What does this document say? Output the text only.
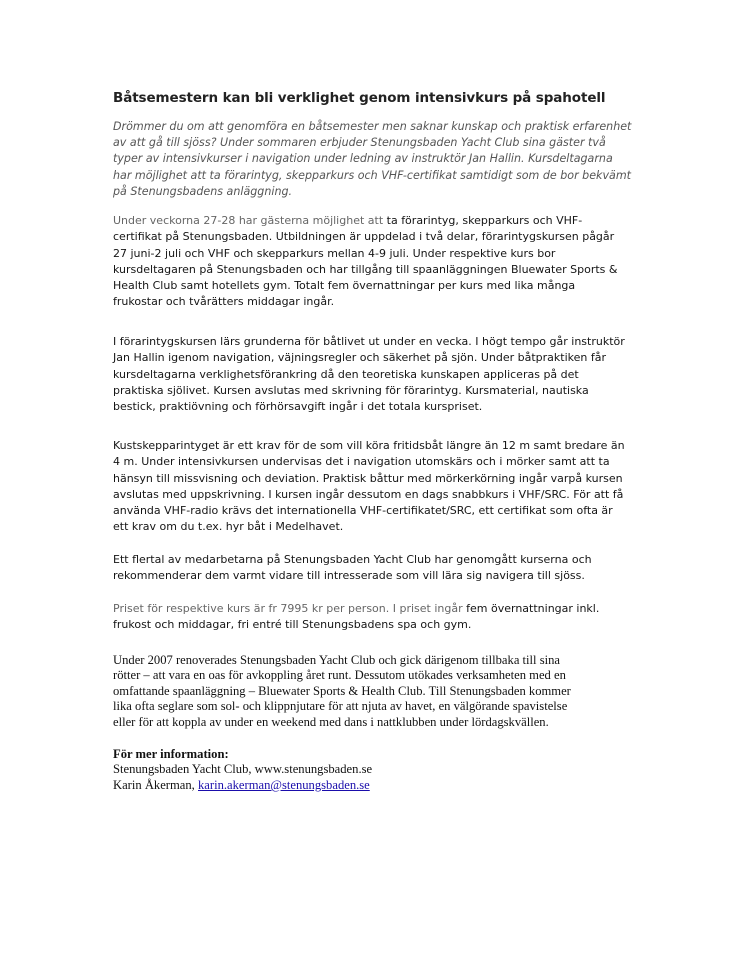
Båtsemestern kan bli verklighet genom intensivkurs på spahotell
Drömmer du om att genomföra en båtsemester men saknar kunskap och praktisk erfarenhet
av att gå till sjöss? Under sommaren erbjuder Stenungsbaden Yacht Club sina gäster två
typer av intensivkurser i navigation under ledning av instruktör Jan Hallin. Kursdeltagarna
har möjlighet att ta förarintyg, skepparkurs och VHF-certifikat samtidigt som de bor bekvämt
på Stenungsbadens anläggning.
Under veckorna 27-28 har gästerna möjlighet att ta förarintyg, skepparkurs och VHF-
certifikat på Stenungsbaden. Utbildningen är uppdelad i två delar, förarintygskursen pågår
27 juni-2 juli och VHF och skepparkurs mellan 4-9 juli. Under respektive kurs bor
kursdeltagaren på Stenungsbaden och har tillgång till spaanläggningen Bluewater Sports &
Health Club samt hotellets gym. Totalt fem övernattningar per kurs med lika många
frukostar och tvårätters middagar ingår.
I förarintygskursen lärs grunderna för båtlivet ut under en vecka. I högt tempo går instruktör
Jan Hallin igenom navigation, väjningsregler och säkerhet på sjön. Under båtpraktiken får
kursdeltagarna verklighetsförankring då den teoretiska kunskapen appliceras på det
praktiska sjölivet. Kursen avslutas med skrivning för förarintyg. Kursmaterial, nautiska
bestick, praktiövning och förhörsavgift ingår i det totala kurspriset.
Kustskepparintyget är ett krav för de som vill köra fritidsbåt längre än 12 m samt bredare än
4 m. Under intensivkursen undervisas det i navigation utomskärs och i mörker samt att ta
hänsyn till missvisning och deviation. Praktisk båttur med mörkerkörning ingår varpå kursen
avslutas med uppskrivning. I kursen ingår dessutom en dags snabbkurs i VHF/SRC. För att få
använda VHF-radio krävs det internationella VHF-certifikatet/SRC, ett certifikat som ofta är
ett krav om du t.ex. hyr båt i Medelhavet.
Ett flertal av medarbetarna på Stenungsbaden Yacht Club har genomgått kurserna och
rekommenderar dem varmt vidare till intresserade som vill lära sig navigera till sjöss.
Priset för respektive kurs är fr 7995 kr per person. I priset ingår fem övernattningar inkl.
frukost och middagar, fri entré till Stenungsbadens spa och gym.
Under 2007 renoverades Stenungsbaden Yacht Club och gick därigenom tillbaka till sina
rötter – att vara en oas för avkoppling året runt. Dessutom utökades verksamheten med en
omfattande spaanläggning – Bluewater Sports & Health Club. Till Stenungsbaden kommer
lika ofta seglare som sol- och klippnjutare för att njuta av havet, en välgörande spavistelse
eller för att koppla av under en weekend med dans i nattklubben under lördagskvällen.
För mer information:
Stenungsbaden Yacht Club, www.stenungsbaden.se
Karin Åkerman, karin.akerman@stenungsbaden.se
